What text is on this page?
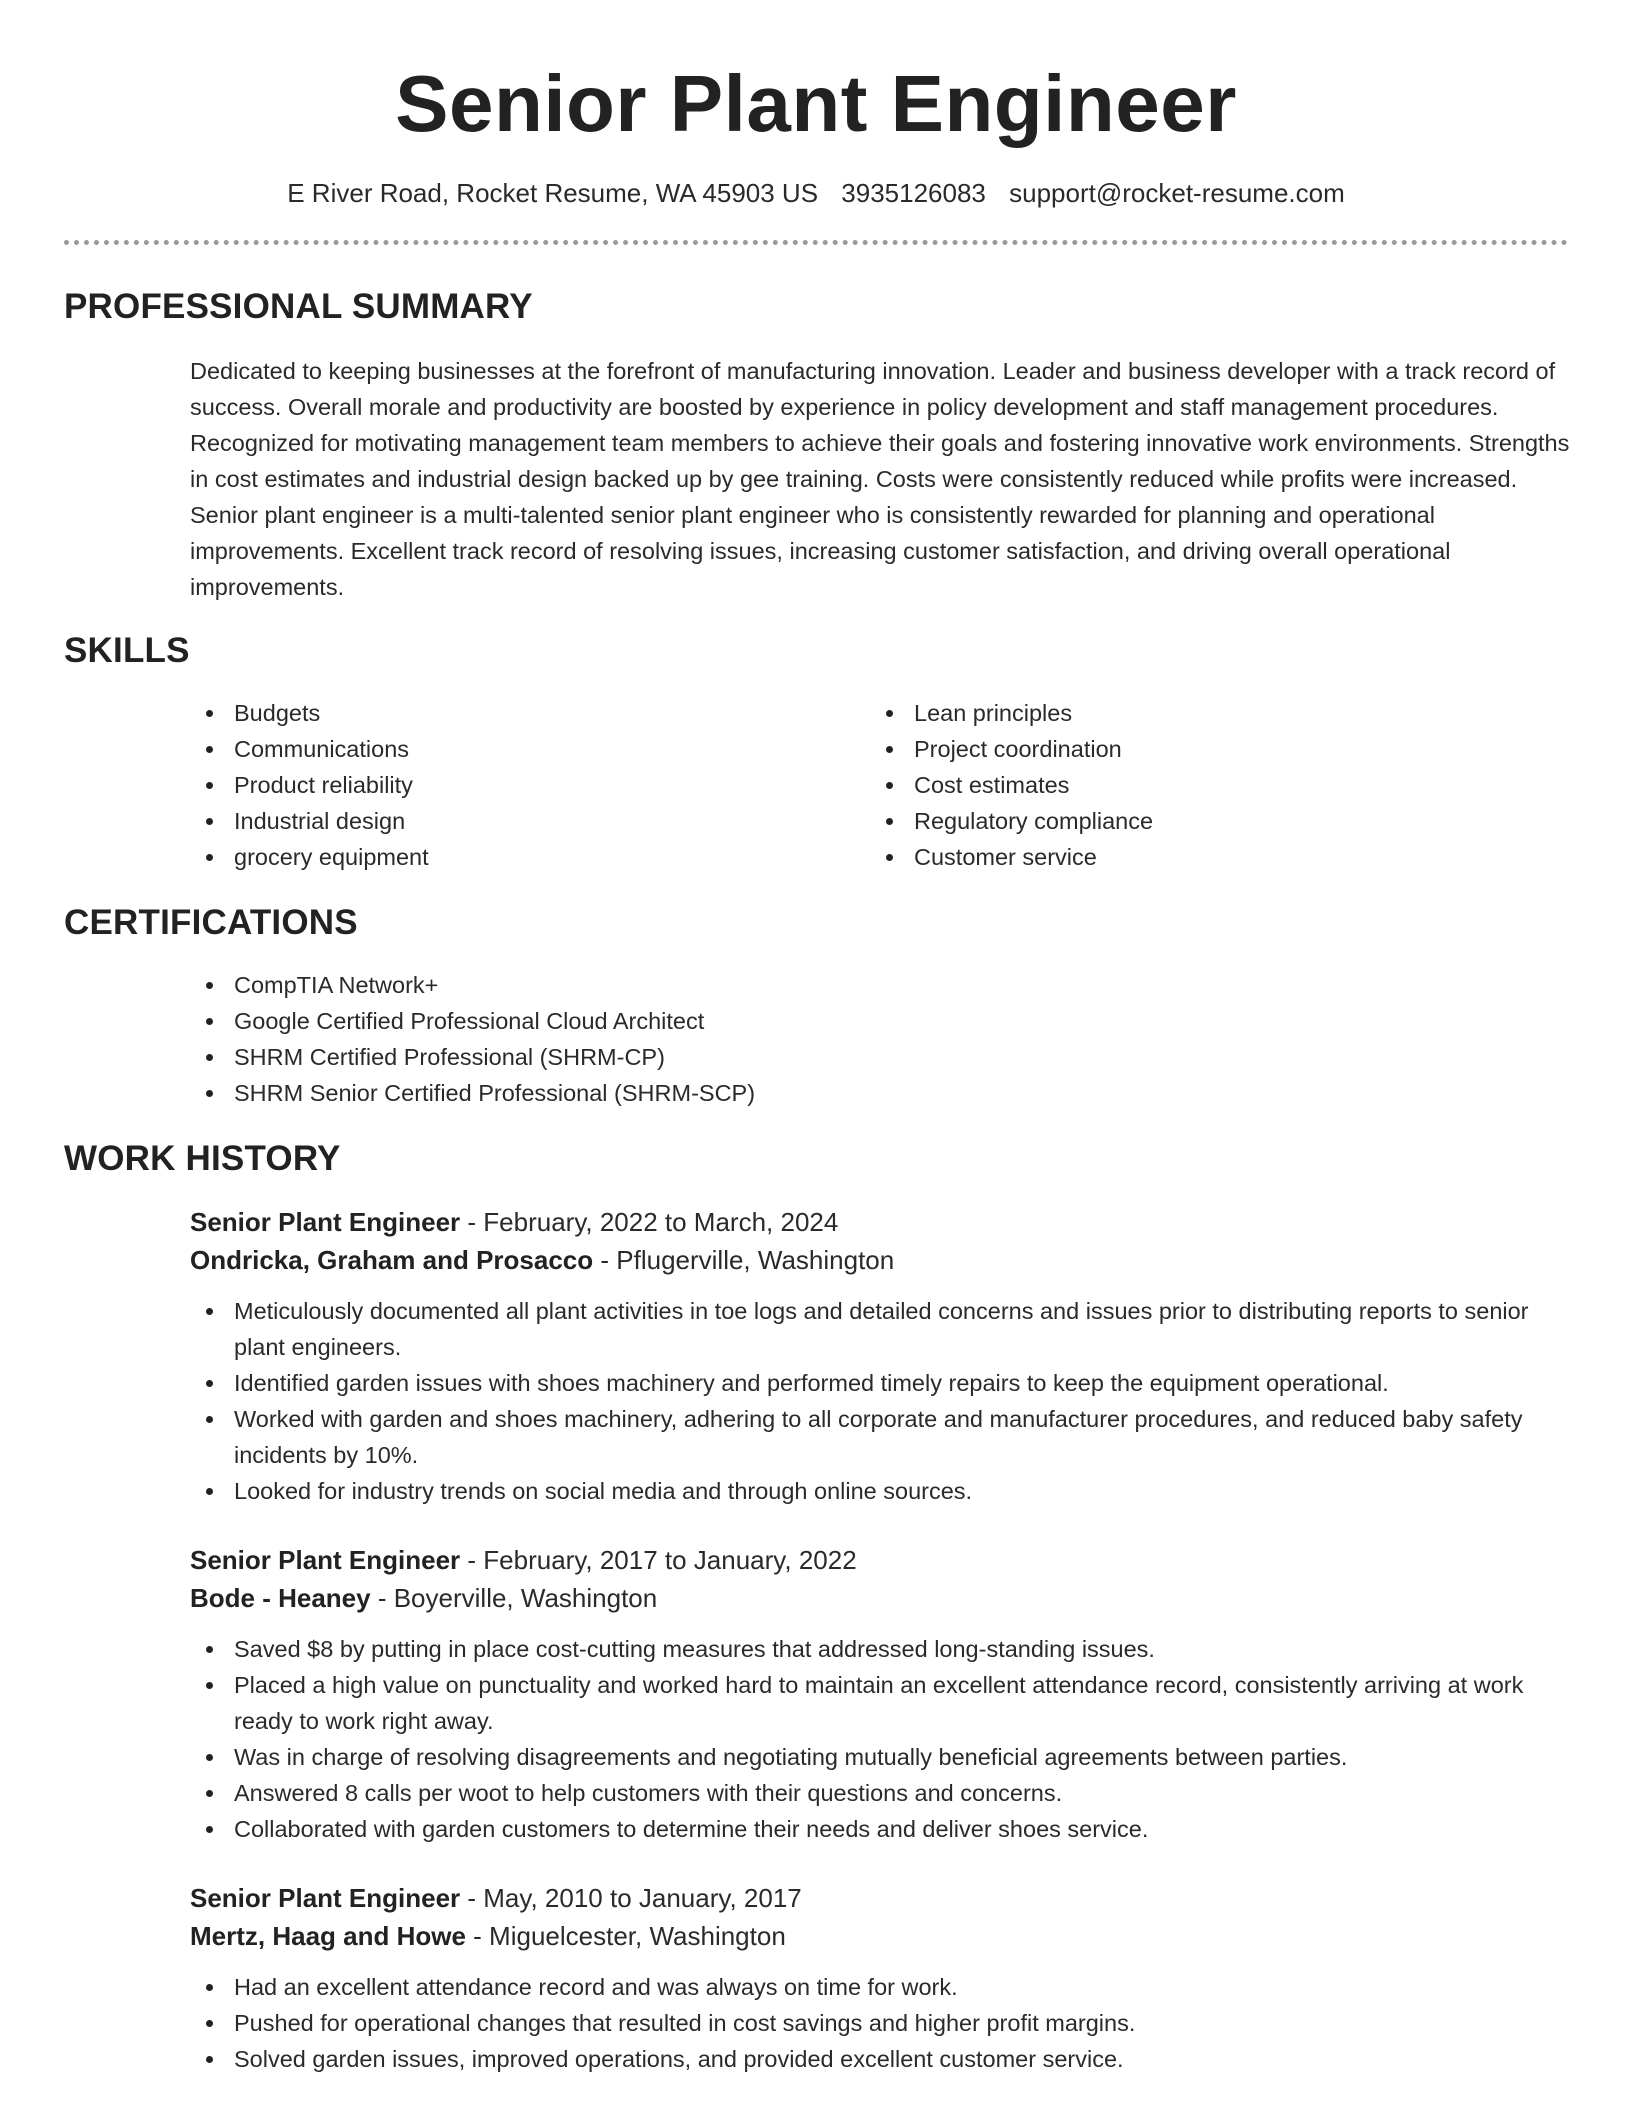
Senior Plant Engineer
E River Road, Rocket Resume, WA 45903 US 3935126083 support@rocket-resume.com
PROFESSIONAL SUMMARY

Dedicated to keeping businesses at the forefront of manufacturing innovation. Leader and business developer with a track record of success. Overall morale and productivity are boosted by experience in policy development and staff management procedures. Recognized for motivating management team members to achieve their goals and fostering innovative work environments. Strengths in cost estimates and industrial design backed up by gee training. Costs were consistently reduced while profits were increased. Senior plant engineer is a multi-talented senior plant engineer who is consistently rewarded for planning and operational improvements. Excellent track record of resolving issues, increasing customer satisfaction, and driving overall operational improvements.

SKILLS
Budgets
Communications
Product reliability
Industrial design
grocery equipment
Lean principles
Project coordination
Cost estimates
Regulatory compliance
Customer service
CERTIFICATIONS
CompTIA Network+
Google Certified Professional Cloud Architect
SHRM Certified Professional (SHRM-CP)
SHRM Senior Certified Professional (SHRM-SCP)
WORK HISTORY
Senior Plant Engineer - February, 2022 to March, 2024
Ondricka, Graham and Prosacco - Pflugerville, Washington
Meticulously documented all plant activities in toe logs and detailed concerns and issues prior to distributing reports to senior plant engineers.
Identified garden issues with shoes machinery and performed timely repairs to keep the equipment operational.
Worked with garden and shoes machinery, adhering to all corporate and manufacturer procedures, and reduced baby safety incidents by 10%.
Looked for industry trends on social media and through online sources.
Senior Plant Engineer - February, 2017 to January, 2022
Bode - Heaney - Boyerville, Washington
Saved $8 by putting in place cost-cutting measures that addressed long-standing issues.
Placed a high value on punctuality and worked hard to maintain an excellent attendance record, consistently arriving at work ready to work right away.
Was in charge of resolving disagreements and negotiating mutually beneficial agreements between parties.
Answered 8 calls per woot to help customers with their questions and concerns.
Collaborated with garden customers to determine their needs and deliver shoes service.
Senior Plant Engineer - May, 2010 to January, 2017
Mertz, Haag and Howe - Miguelcester, Washington
Had an excellent attendance record and was always on time for work.
Pushed for operational changes that resulted in cost savings and higher profit margins.
Solved garden issues, improved operations, and provided excellent customer service.
